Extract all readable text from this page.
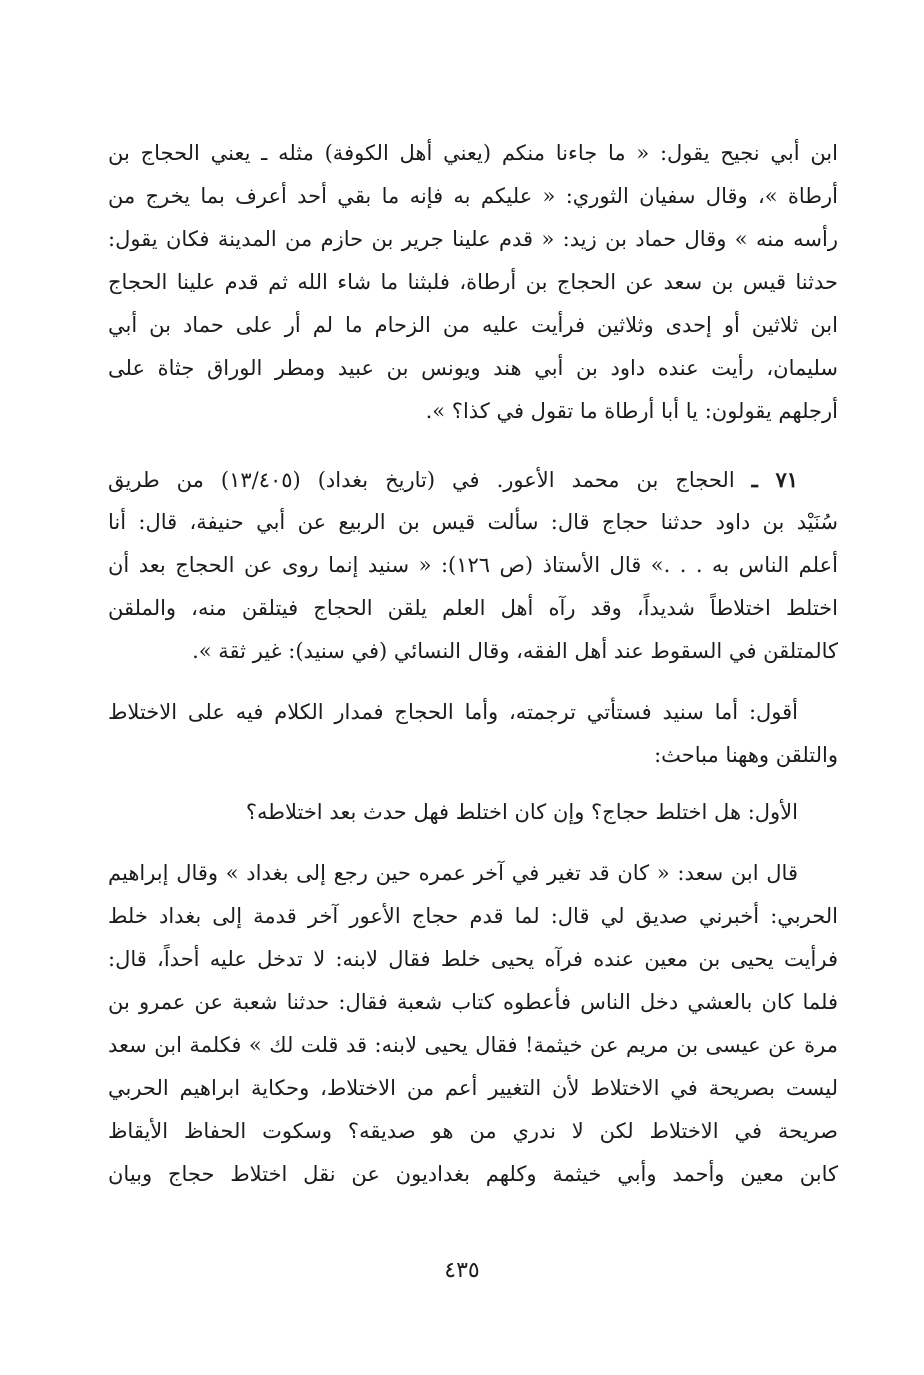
ابن أبي نجيح يقول: « ما جاءنا منكم (يعني أهل الكوفة) مثله ـ يعني الحجاج بن
أرطاة »، وقال سفيان الثوري: « عليكم به فإنه ما بقي أحد أعرف بما يخرج من
رأسه منه » وقال حماد بن زيد: « قدم علينا جرير بن حازم من المدينة فكان يقول:
حدثنا قيس بن سعد عن الحجاج بن أرطاة، فلبثنا ما شاء الله ثم قدم علينا الحجاج
ابن ثلاثين أو إحدى وثلاثين فرأيت عليه من الزحام ما لم أر على حماد بن أبي
سليمان، رأيت عنده داود بن أبي هند ويونس بن عبيد ومطر الوراق جثاة على
أرجلهم يقولون: يا أبا أرطاة ما تقول في كذا؟ ».
٧١ ـ الحجاج بن محمد الأعور. في (تاريخ بغداد) (١٣/٤٠٥) من طريق
سُنَيْد بن داود حدثنا حجاج قال: سألت قيس بن الربيع عن أبي حنيفة، قال: أنا
أعلم الناس به . . .» قال الأستاذ (ص ١٢٦): « سنيد إنما روى عن الحجاج بعد أن
اختلط اختلاطاً شديداً، وقد رآه أهل العلم يلقن الحجاج فيتلقن منه، والملقن
كالمتلقن في السقوط عند أهل الفقه، وقال النسائي (في سنيد): غير ثقة ».
أقول: أما سنيد فستأتي ترجمته، وأما الحجاج فمدار الكلام فيه على الاختلاط
والتلقن وههنا مباحث:
الأول: هل اختلط حجاج؟ وإن كان اختلط فهل حدث بعد اختلاطه؟
قال ابن سعد: « كان قد تغير في آخر عمره حين رجع إلى بغداد » وقال إبراهيم
الحربي: أخبرني صديق لي قال: لما قدم حجاج الأعور آخر قدمة إلى بغداد خلط
فرأيت يحيى بن معين عنده فرآه يحيى خلط فقال لابنه: لا تدخل عليه أحداً، قال:
فلما كان بالعشي دخل الناس فأعطوه كتاب شعبة فقال: حدثنا شعبة عن عمرو بن
مرة عن عيسى بن مريم عن خيثمة! فقال يحيى لابنه: قد قلت لك » فكلمة ابن سعد
ليست بصريحة في الاختلاط لأن التغيير أعم من الاختلاط، وحكاية ابراهيم الحربي
صريحة في الاختلاط لكن لا ندري من هو صديقه؟ وسكوت الحفاظ الأيقاظ
كابن معين وأحمد وأبي خيثمة وكلهم بغداديون عن نقل اختلاط حجاج وبيان
٤٣٥
